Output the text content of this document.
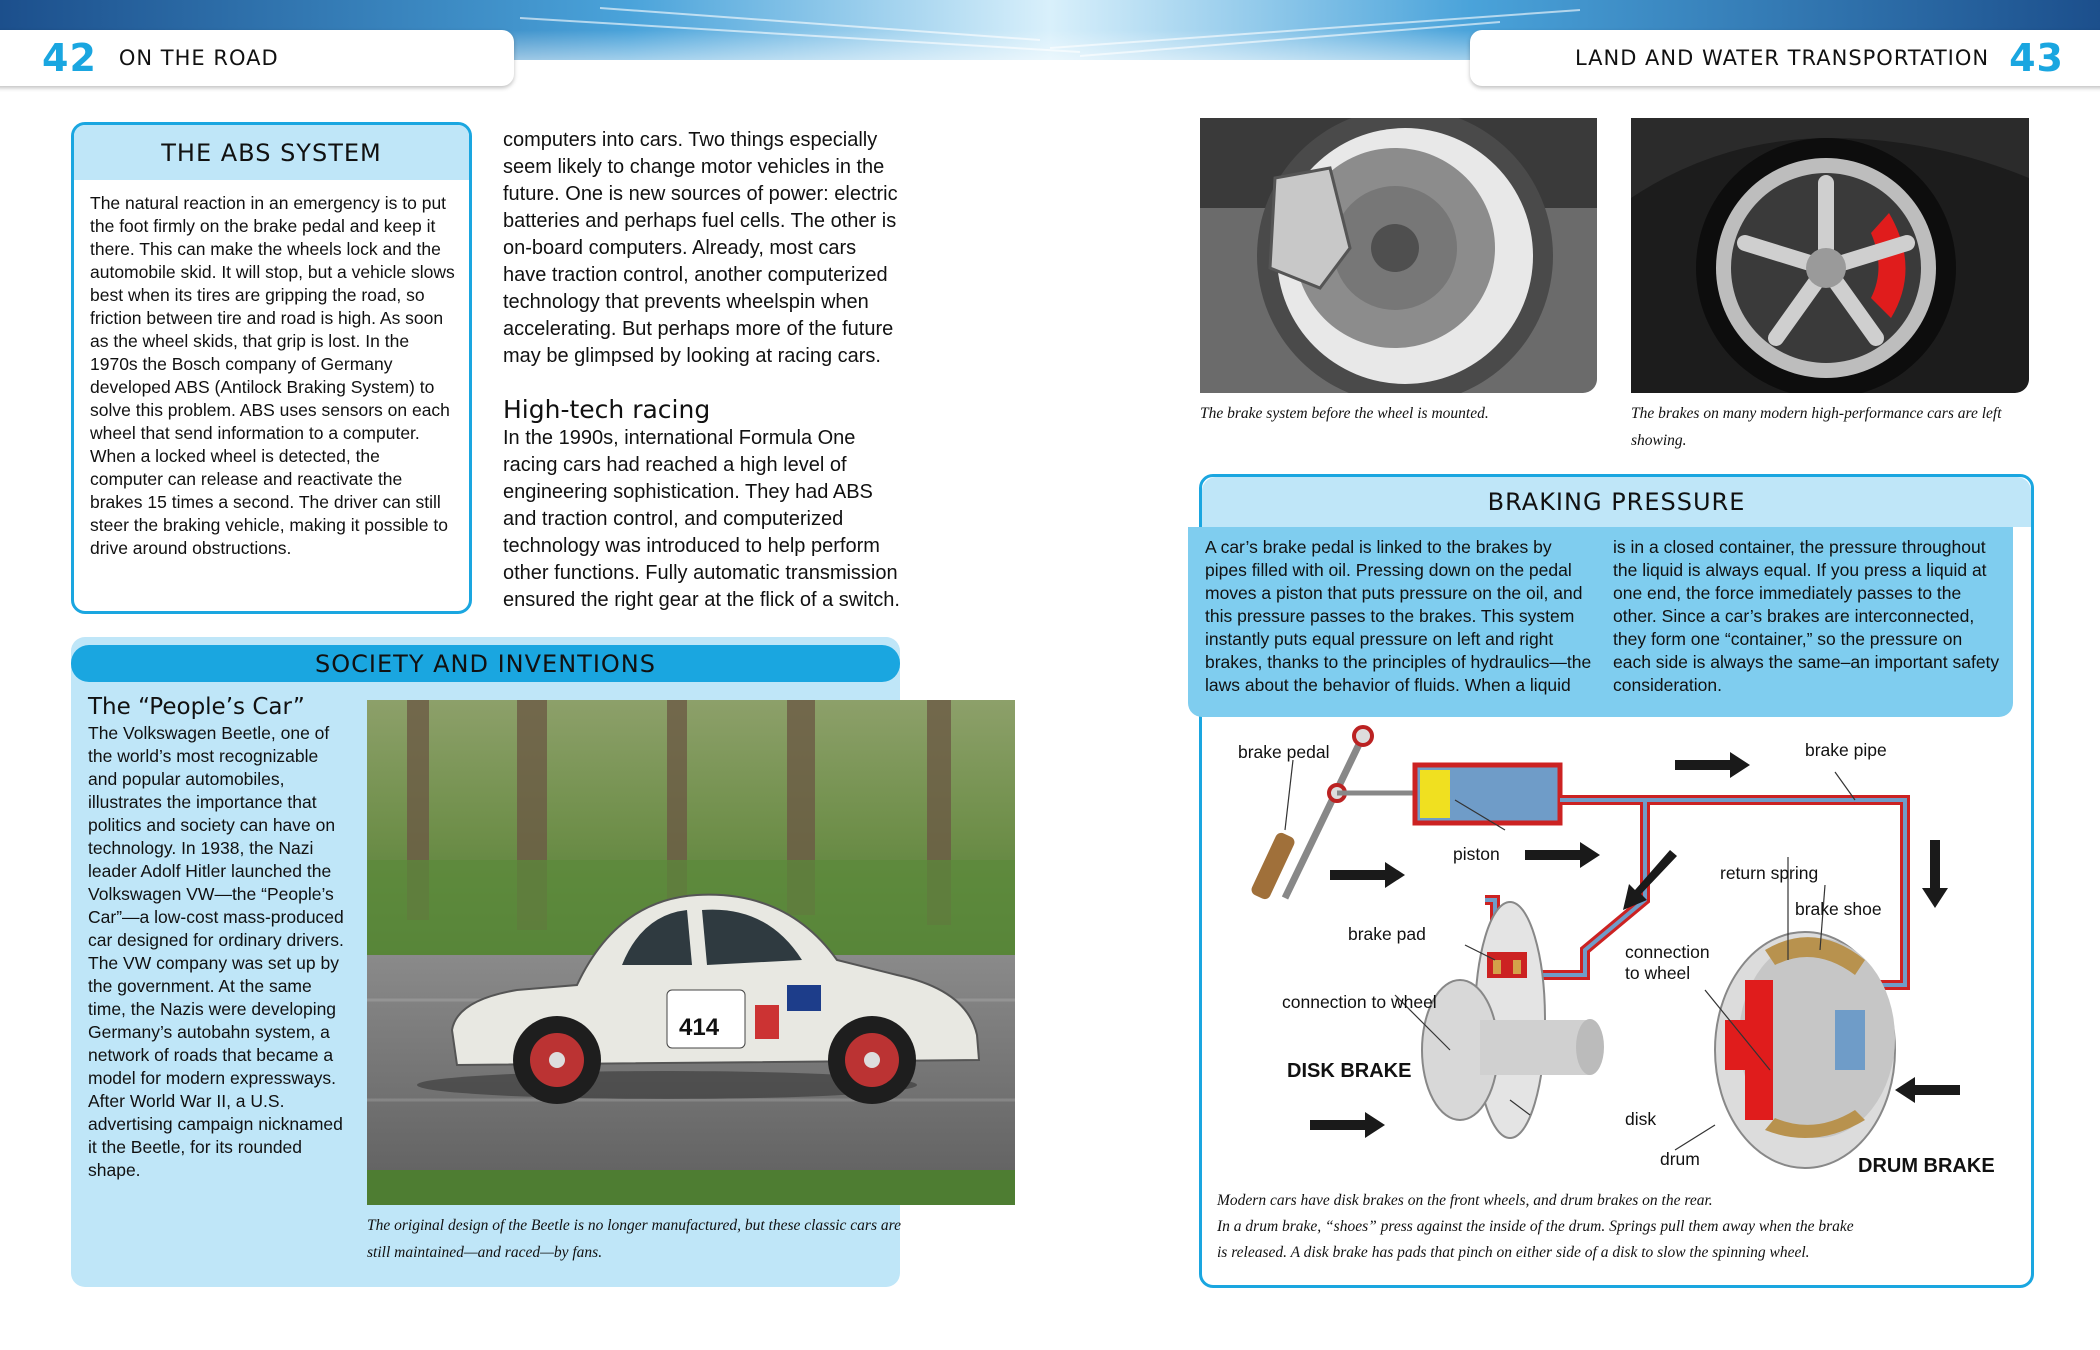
42 ON THE ROAD	LAND AND WATER TRANSPORTATION 43
THE ABS SYSTEM
The natural reaction in an emergency is to put the foot firmly on the brake pedal and keep it there. This can make the wheels lock and the automobile skid. It will stop, but a vehicle slows best when its tires are gripping the road, so friction between tire and road is high. As soon as the wheel skids, that grip is lost. In the 1970s the Bosch company of Germany developed ABS (Antilock Braking System) to solve this problem. ABS uses sensors on each wheel that send information to a computer. When a locked wheel is detected, the computer can release and reactivate the brakes 15 times a second. The driver can still steer the braking vehicle, making it possible to drive around obstructions.
computers into cars. Two things especially seem likely to change motor vehicles in the future. One is new sources of power: electric batteries and perhaps fuel cells. The other is on-board computers. Already, most cars have traction control, another computerized technology that prevents wheelspin when accelerating. But perhaps more of the future may be glimpsed by looking at racing cars.
High-tech racing
In the 1990s, international Formula One racing cars had reached a high level of engineering sophistication. They had ABS and traction control, and computerized technology was introduced to help perform other functions. Fully automatic transmission ensured the right gear at the flick of a switch.
SOCIETY AND INVENTIONS
The “People’s Car”
The Volkswagen Beetle, one of the world’s most recognizable and popular automobiles, illustrates the importance that politics and society can have on technology. In 1938, the Nazi leader Adolf Hitler launched the Volkswagen VW—the “People’s Car”—a low-cost mass-produced car designed for ordinary drivers. The VW company was set up by the government. At the same time, the Nazis were developing Germany’s autobahn system, a network of roads that became a model for modern expressways. After World War II, a U.S. advertising campaign nicknamed it the Beetle, for its rounded shape.
414
The original design of the Beetle is no longer manufactured, but these classic cars are still maintained—and raced—by fans.
The brake system before the wheel is mounted.	The brakes on many modern high-performance cars are left showing.
BRAKING PRESSURE
A car’s brake pedal is linked to the brakes by pipes filled with oil. Pressing down on the pedal moves a piston that puts pressure on the oil, and this pressure passes to the brakes. This system instantly puts equal pressure on left and right brakes, thanks to the principles of hydraulics—the laws about the behavior of fluids. When a liquid
is in a closed container, the pressure throughout the liquid is always equal. If you press a liquid at one end, the force immediately passes to the other. Since a car’s brakes are interconnected, they form one “container,” so the pressure on each side is always the same–an important safety consideration.
brake pedal	brake pipe
piston
return spring
brake shoe
brake pad
connection
to wheel
connection to wheel
DISK BRAKE
disk
drum	DRUM BRAKE
Modern cars have disk brakes on the front wheels, and drum brakes on the rear.
In a drum brake, “shoes” press against the inside of the drum. Springs pull them away when the brake
is released. A disk brake has pads that pinch on either side of a disk to slow the spinning wheel.
